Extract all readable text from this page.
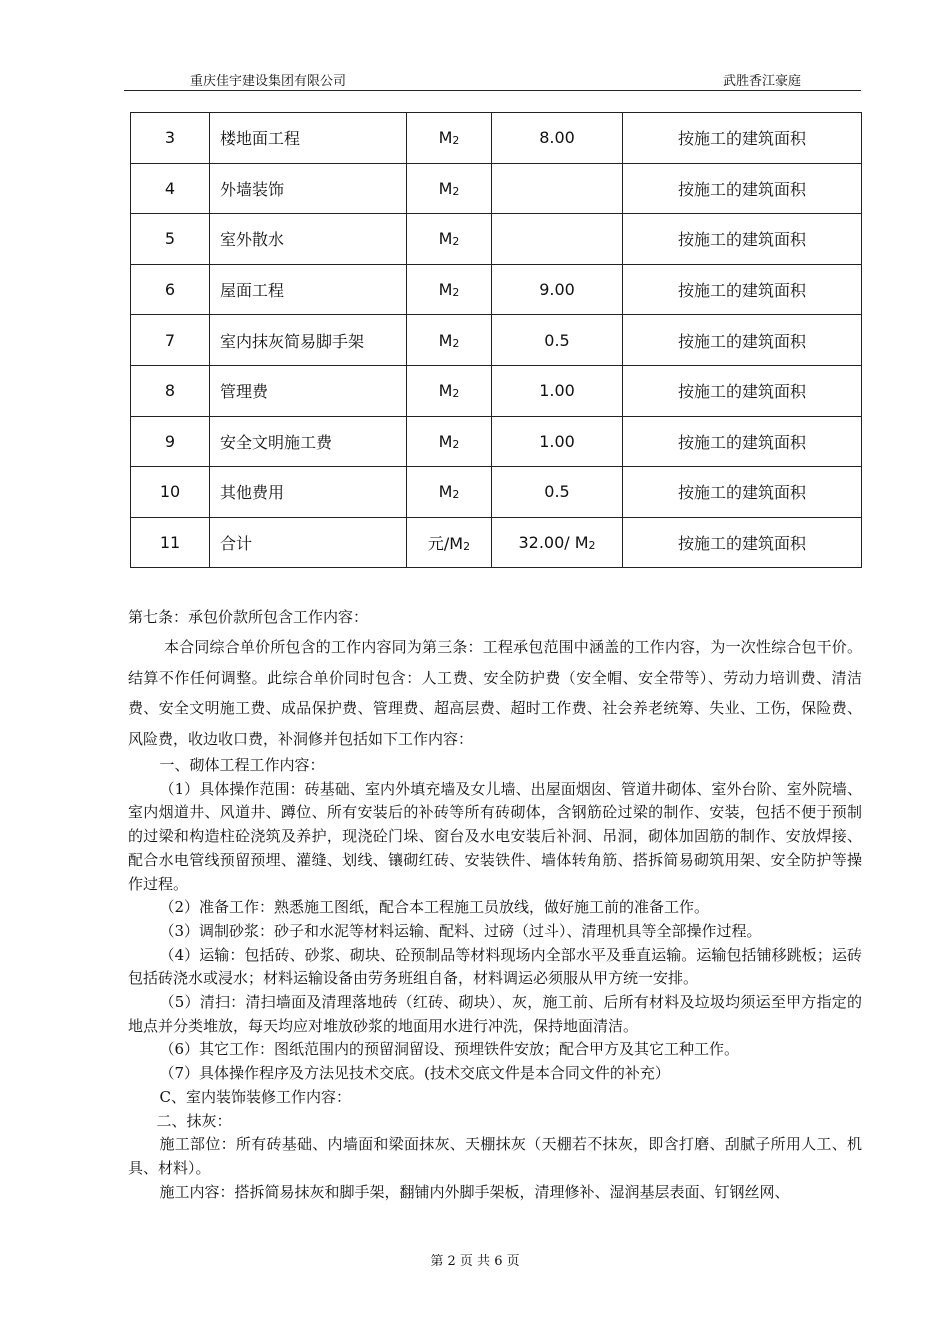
重庆佳宇建设集团有限公司	武胜香江豪庭
3	楼地面工程	$M_2$	8.00	按施工的建筑面积
4	外墙装饰	$M_2$		按施工的建筑面积
5	室外散水	$M_2$		按施工的建筑面积
6	屋面工程	$M_2$	9.00	按施工的建筑面积
7	室内抹灰简易脚手架	$M_2$	0.5	按施工的建筑面积
8	管理费	$M_2$	1.00	按施工的建筑面积
9	安全文明施工费	$M_2$	1.00	按施工的建筑面积
10	其他费用	$M_2$	0.5	按施工的建筑面积
11	合计	元$/M_2$	32.00/ $M_2$	按施工的建筑面积
第七条：承包价款所包含工作内容：

本合同综合单价所包含的工作内容同为第三条：工程承包范围中涵盖的工作内容，为一次性综合包干价。结算不作任何调整。此综合单价同时包含：人工费、安全防护费（安全帽、安全带等）、劳动力培训费、清洁费、安全文明施工费、成品保护费、管理费、超高层费、超时工作费、社会养老统筹、失业、工伤，保险费、风险费，收边收口费，补洞修并包括如下工作内容：

一、砌体工程工作内容：

（1）具体操作范围：砖基础、室内外填充墙及女儿墙、出屋面烟囱、管道井砌体、室外台阶、室外院墙、室内烟道井、风道井、蹲位、所有安装后的补砖等所有砖砌体，含钢筋砼过梁的制作、安装，包括不便于预制的过梁和构造柱砼浇筑及养护，现浇砼门垛、窗台及水电安装后补洞、吊洞，砌体加固筋的制作、安放焊接、配合水电管线预留预埋、灌缝、划线、镶砌红砖、安装铁件、墙体转角筋、搭拆简易砌筑用架、安全防护等操作过程。

（2）准备工作：熟悉施工图纸，配合本工程施工员放线，做好施工前的准备工作。

（3）调制砂浆：砂子和水泥等材料运输、配料、过磅（过斗）、清理机具等全部操作过程。

（4）运输：包括砖、砂浆、砌块、砼预制品等材料现场内全部水平及垂直运输。运输包括铺移跳板；运砖包括砖浇水或浸水；材料运输设备由劳务班组自备，材料调运必须服从甲方统一安排。

（5）清扫：清扫墙面及清理落地砖（红砖、砌块）、灰，施工前、后所有材料及垃圾均须运至甲方指定的地点并分类堆放，每天均应对堆放砂浆的地面用水进行冲洗，保持地面清洁。

（6）其它工作：图纸范围内的预留洞留设、预埋铁件安放；配合甲方及其它工种工作。

（7）具体操作程序及方法见技术交底。(技术交底文件是本合同文件的补充）

C、室内装饰装修工作内容：

二、抹灰：

施工部位：所有砖基础、内墙面和梁面抹灰、天棚抹灰（天棚若不抹灰，即含打磨、刮腻子所用人工、机具、材料）。

施工内容：搭拆简易抹灰和脚手架，翻铺内外脚手架板，清理修补、湿润基层表面、钉钢丝网、

第 2 页 共 6 页
